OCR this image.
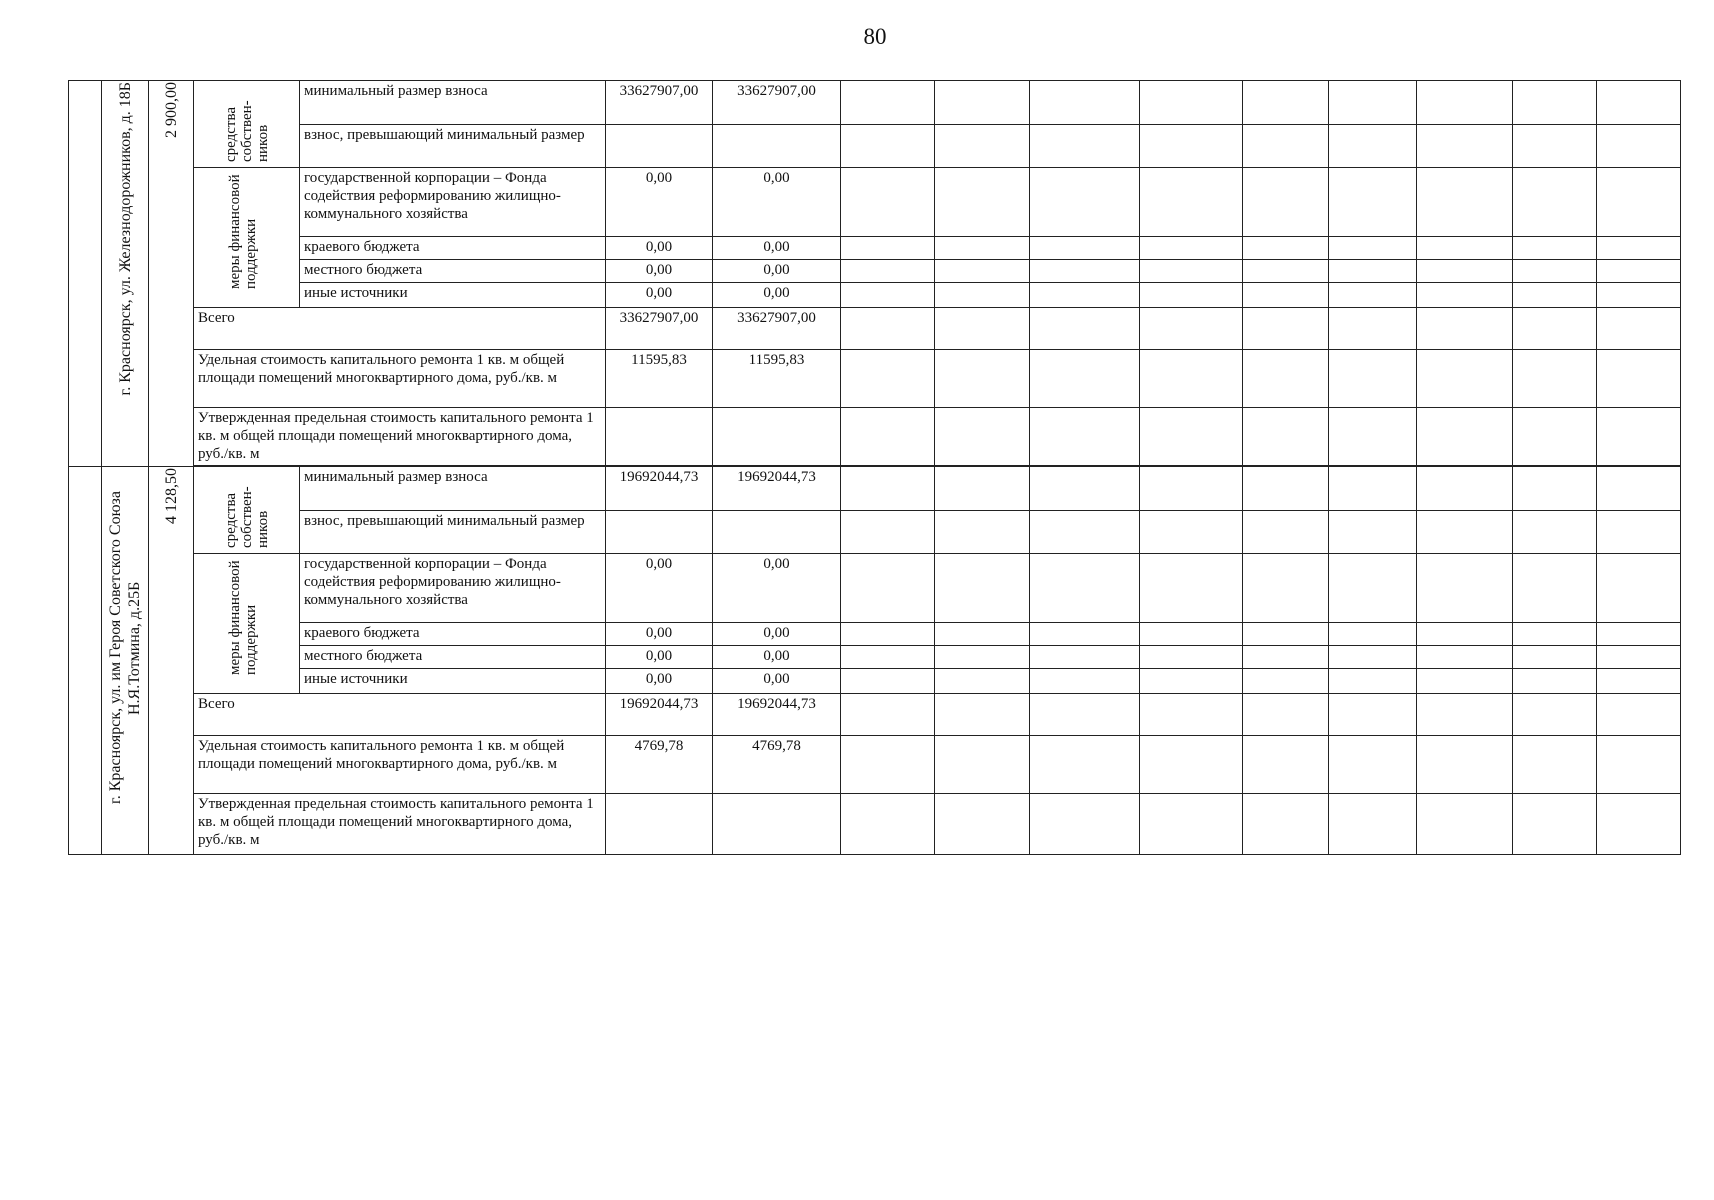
80
	г. Красноярск, ул. Железнодорожников, д. 18Б	2 900,00	средства собствен-ников	минимальный размер взноса	33627907,00	33627907,00									
				взнос, превышающий минимальный размер											
			меры финансовой поддержки	государственной корпорации – Фонда содействия реформированию жилищно-коммунального хозяйства	0,00	0,00									
				краевого бюджета	0,00	0,00									
				местного бюджета	0,00	0,00									
				иные источники	0,00	0,00									
			Всего		33627907,00	33627907,00									
			Удельная стоимость капитального ремонта 1 кв. м общей площади помещений многоквартирного дома, руб./кв. м		11595,83	11595,83									
			Утвержденная предельная стоимость капитального ремонта 1 кв. м общей площади помещений многоквартирного дома, руб./кв. м												

	г. Красноярск, ул. им Героя Советского Союза Н.Я.Тотмина, д.25Б	4 128,50	средства собствен-ников	минимальный размер взноса	19692044,73	19692044,73									
				взнос, превышающий минимальный размер											
			меры финансовой поддержки	государственной корпорации – Фонда содействия реформированию жилищно-коммунального хозяйства	0,00	0,00									
				краевого бюджета	0,00	0,00									
				местного бюджета	0,00	0,00									
				иные источники	0,00	0,00									
			Всего		19692044,73	19692044,73									
			Удельная стоимость капитального ремонта 1 кв. м общей площади помещений многоквартирного дома, руб./кв. м		4769,78	4769,78									
			Утвержденная предельная стоимость капитального ремонта 1 кв. м общей площади помещений многоквартирного дома, руб./кв. м												
